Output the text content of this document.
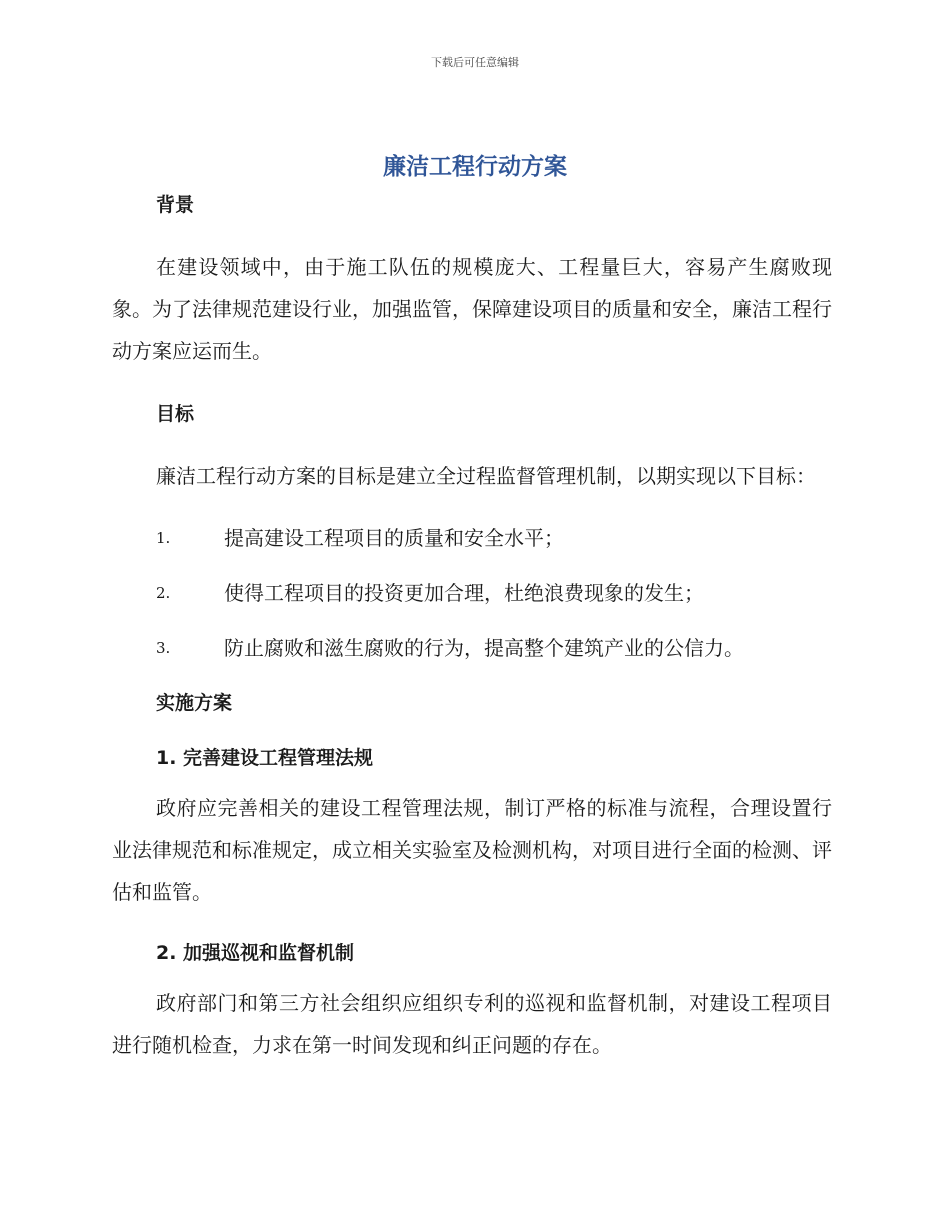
下载后可任意编辑
廉洁工程行动方案
背景

在建设领域中，由于施工队伍的规模庞大、工程量巨大，容易产生腐败现象。为了法律规范建设行业，加强监管，保障建设项目的质量和安全，廉洁工程行动方案应运而生。

目标

廉洁工程行动方案的目标是建立全过程监督管理机制，以期实现以下目标：

1.	提高建设工程项目的质量和安全水平；
2.	使得工程项目的投资更加合理，杜绝浪费现象的发生；
3.	防止腐败和滋生腐败的行为，提高整个建筑产业的公信力。
实施方案
1. 完善建设工程管理法规

政府应完善相关的建设工程管理法规，制订严格的标准与流程，合理设置行业法律规范和标准规定，成立相关实验室及检测机构，对项目进行全面的检测、评估和监管。

2. 加强巡视和监督机制

政府部门和第三方社会组织应组织专利的巡视和监督机制，对建设工程项目进行随机检查，力求在第一时间发现和纠正问题的存在。
